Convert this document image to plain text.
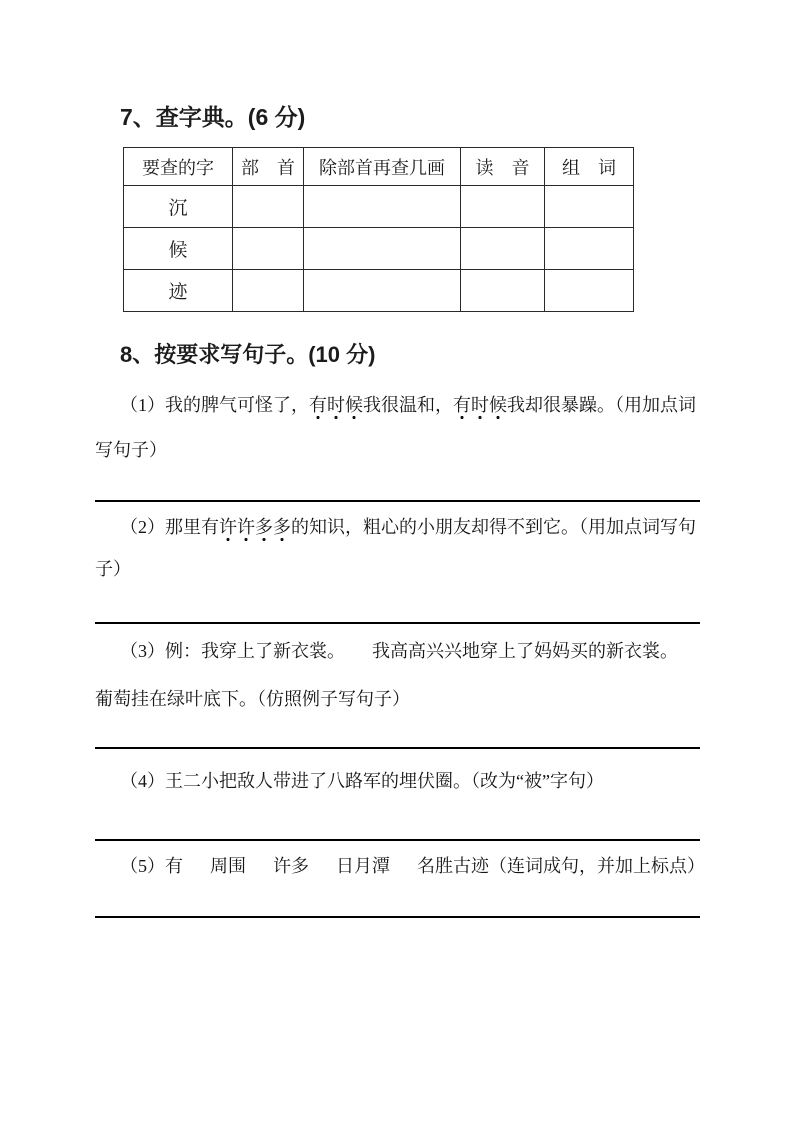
7、查字典。(6 分)
要查的字	部　首	除部首再查几画	读　音	组　词
沉				
候				
迹				
8、按要求写句子。(10 分)
（1）我的脾气可怪了，有时候我很温和，有时候我却很暴躁。（用加点词
写句子）
（2）那里有许许多多的知识，粗心的小朋友却得不到它。（用加点词写句
子）
（3）例：我穿上了新衣裳。　　我高高兴兴地穿上了妈妈买的新衣裳。
葡萄挂在绿叶底下。（仿照例子写句子）
（4）王二小把敌人带进了八路军的埋伏圈。（改为“被”字句）
（5）有　  周围　  许多　  日月潭　  名胜古迹（连词成句，并加上标点）
